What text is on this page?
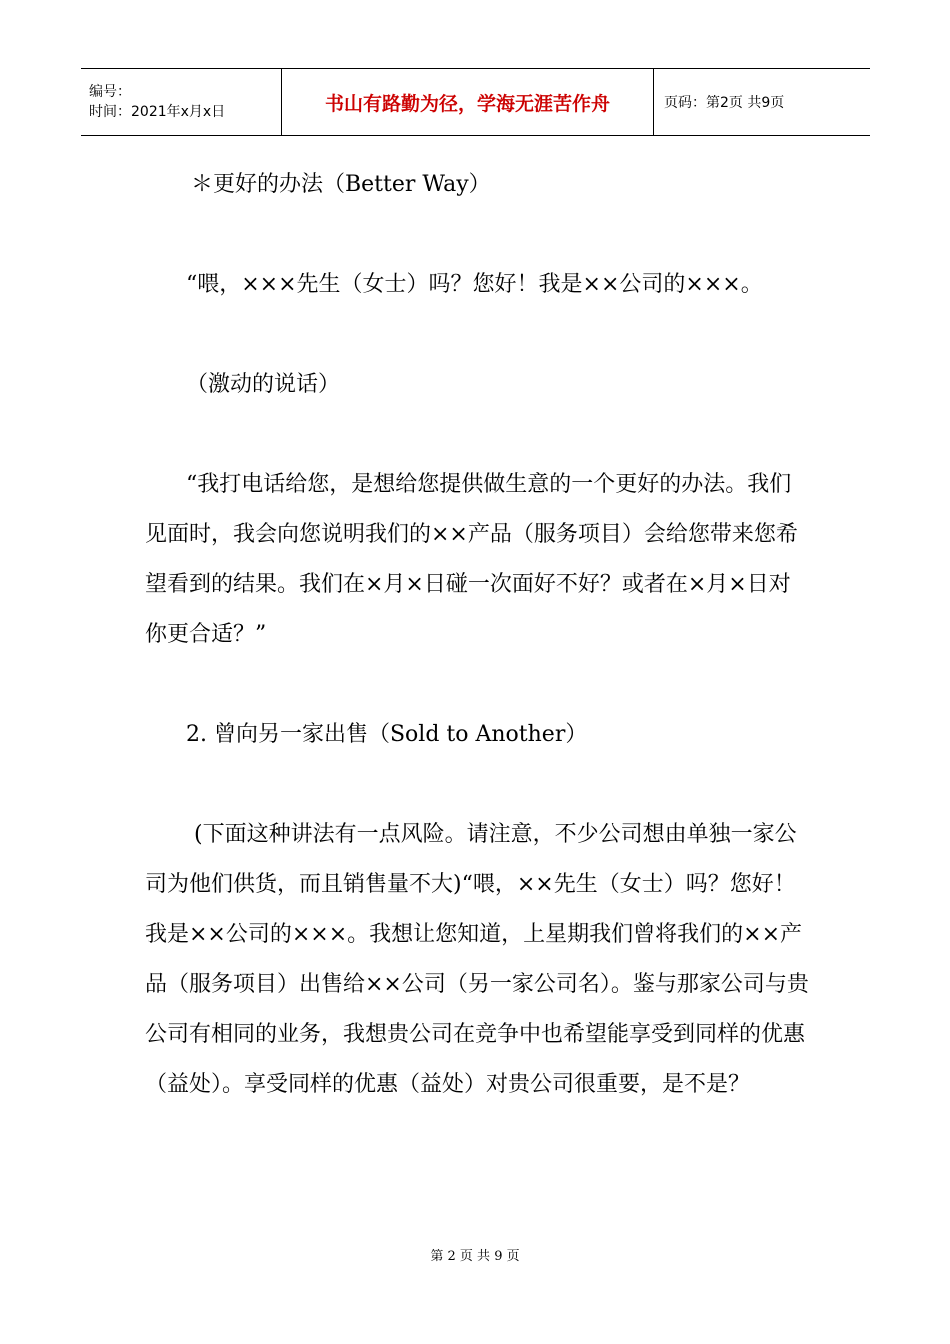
编号：
时间：2021年x月x日	书山有路勤为径，学海无涯苦作舟	页码：第2页 共9页

＊更好的办法（Better Way）

“喂，×××先生（女士）吗？您好！我是××公司的×××。

（激动的说话）

“我打电话给您，是想给您提供做生意的一个更好的办法。我们见面时，我会向您说明我们的××产品（服务项目）会给您带来您希望看到的结果。我们在×月×日碰一次面好不好？或者在×月×日对你更合适？”

2. 曾向另一家出售（Sold to Another）

(下面这种讲法有一点风险。请注意，不少公司想由单独一家公司为他们供货，而且销售量不大)“喂，××先生（女士）吗？您好！我是××公司的×××。我想让您知道，上星期我们曾将我们的××产品（服务项目）出售给××公司（另一家公司名）。鉴与那家公司与贵公司有相同的业务，我想贵公司在竞争中也希望能享受到同样的优惠（益处）。享受同样的优惠（益处）对贵公司很重要，是不是？

第 2 页 共 9 页
